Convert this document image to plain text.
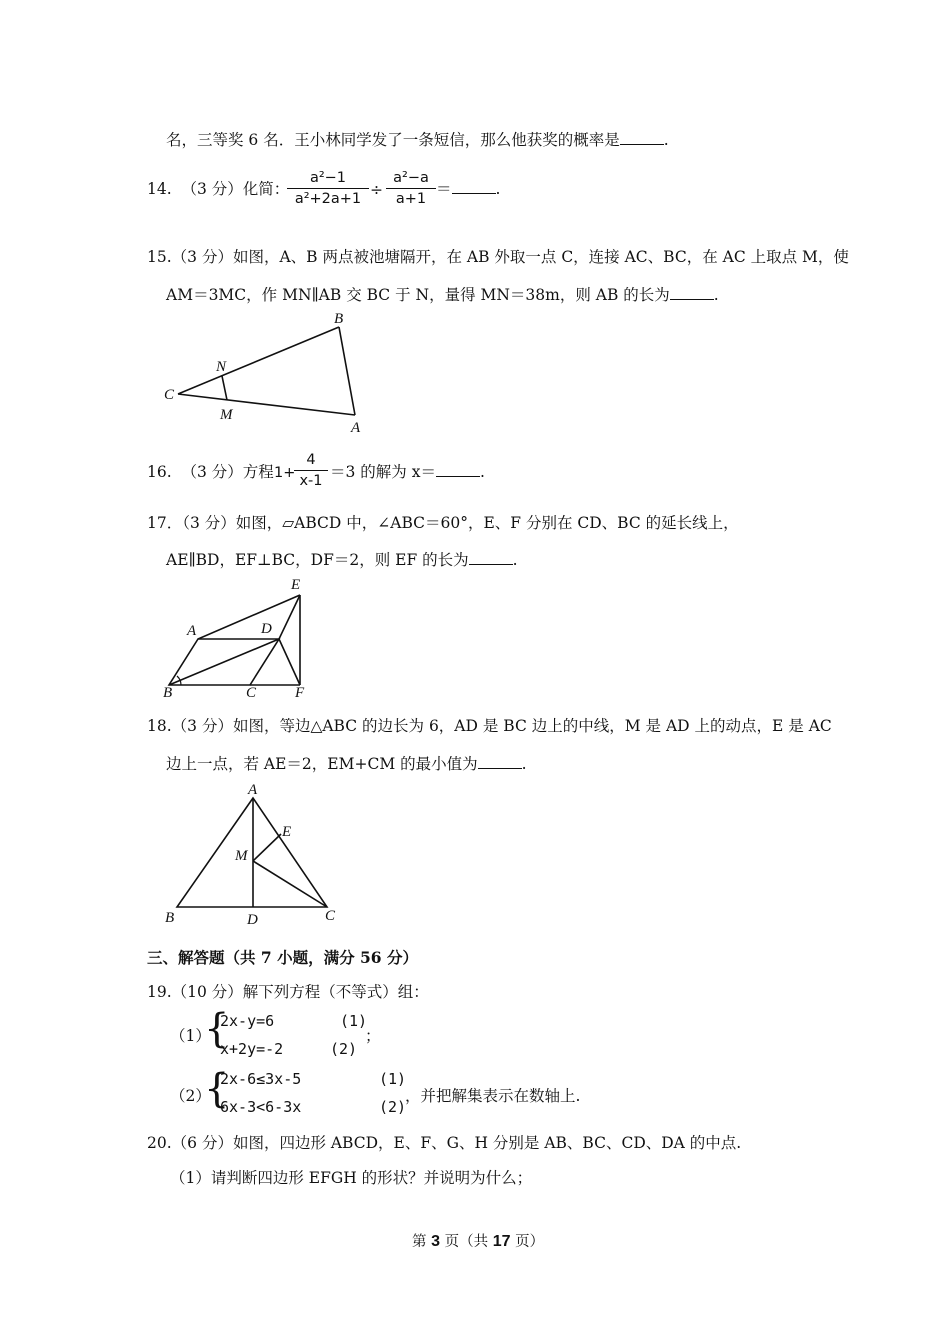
名，三等奖 6 名．王小林同学发了一条短信，那么他获奖的概率是	.
14. （3 分）化简：
a²−1
a²+2a+1 ÷
a²−a
a+1
＝	.
15.（3 分）如图，A、B 两点被池塘隔开，在 AB 外取一点 C，连接 AC、BC，在 AC 上取点 M，使
AM＝3MC，作 MN∥AB 交 BC 于 N，量得 MN＝38m，则 AB 的长为	.
B
N
C
M
A
16. （3 分）方程 1+
4
x-1 ＝3 的解为 x＝	.
17．（3 分）如图，▱ABCD 中，∠ABC＝60°，E、F 分别在 CD、BC 的延长线上，
AE∥BD，EF⊥BC，DF＝2，则 EF 的长为	.
E
A	D
B	C	F
18.（3 分）如图，等边△ABC 的边长为 6，AD 是 BC 边上的中线，M 是 AD 上的动点，E 是 AC
边上一点，若 AE＝2，EM+CM 的最小值为	.
A
E
M
B	D	C
三、解答题（共 7 小题，满分 56 分）
19.（10 分）解下列方程（不等式）组：
（1）
{
2x-y=6
x+2y=-2
(1)
(2)
；
（2）
{
2x-6≤3x-5
6x-3<6-3x
(1)
(2)
，并把解集表示在数轴上.
20.（6 分）如图，四边形 ABCD，E、F、G、H 分别是 AB、BC、CD、DA 的中点.
（1）请判断四边形 EFGH 的形状？并说明为什么；
第 3 页（共 17 页）
